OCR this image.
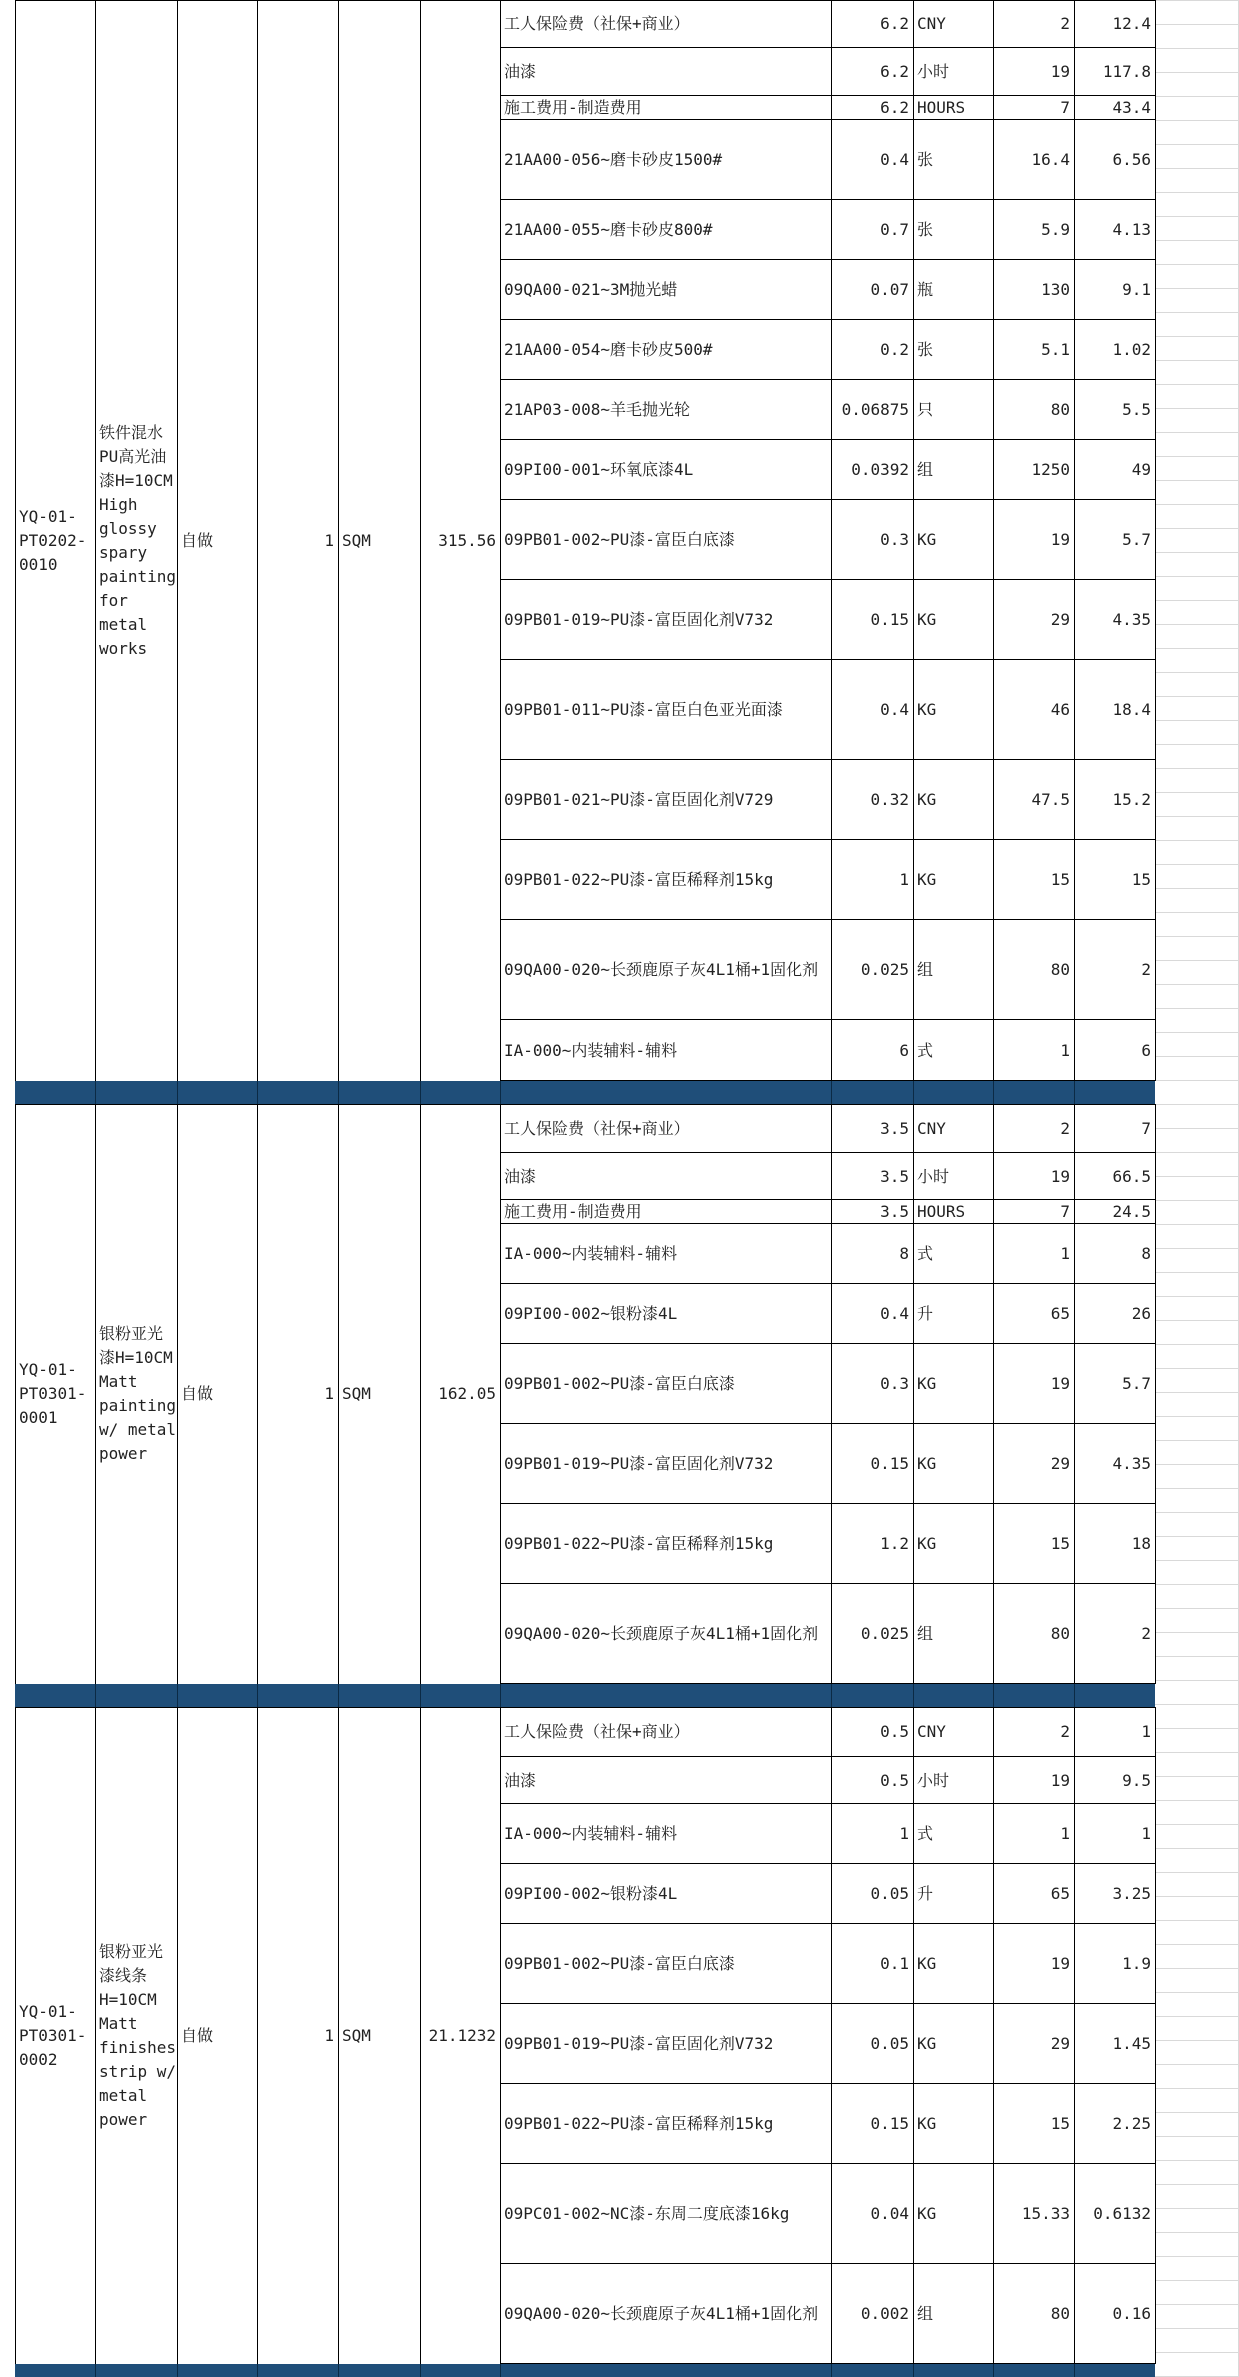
YQ-01-PT0202-0010
铁件混水PU高光油漆H=10CM High glossy spary painting for metal works
自做	1 SQM	315.56
工人保险费（社保+商业）	6.2 CNY	2	12.4
油漆	6.2 小时	19	117.8
施工费用-制造费用	6.2 HOURS	7	43.4
21AA00-056~磨卡砂皮1500#	0.4 张	16.4	6.56
21AA00-055~磨卡砂皮800#	0.7 张	5.9	4.13
09QA00-021~3M抛光蜡	0.07 瓶	130	9.1
21AA00-054~磨卡砂皮500#	0.2 张	5.1	1.02
21AP03-008~羊毛抛光轮	0.06875 只	80	5.5
09PI00-001~环氧底漆4L	0.0392 组	1250	49
09PB01-002~PU漆-富臣白底漆	0.3 KG	19	5.7
09PB01-019~PU漆-富臣固化剂V732	0.15 KG	29	4.35
09PB01-011~PU漆-富臣白色亚光面漆	0.4 KG	46	18.4
09PB01-021~PU漆-富臣固化剂V729	0.32 KG	47.5	15.2
09PB01-022~PU漆-富臣稀释剂15kg	1 KG	15	15
09QA00-020~长颈鹿原子灰4L1桶+1固化剂	0.025 组	80	2
IA-000~内装辅料-辅料	6 式	1	6
YQ-01-PT0301-0001
银粉亚光漆H=10CM Matt painting w/ metal power
自做	1 SQM	162.05
工人保险费（社保+商业）	3.5 CNY	2	7
油漆	3.5 小时	19	66.5
施工费用-制造费用	3.5 HOURS	7	24.5
IA-000~内装辅料-辅料	8 式	1	8
09PI00-002~银粉漆4L	0.4 升	65	26
09PB01-002~PU漆-富臣白底漆	0.3 KG	19	5.7
09PB01-019~PU漆-富臣固化剂V732	0.15 KG	29	4.35
09PB01-022~PU漆-富臣稀释剂15kg	1.2 KG	15	18
09QA00-020~长颈鹿原子灰4L1桶+1固化剂	0.025 组	80	2
YQ-01-PT0301-0002
银粉亚光漆线条H=10CM Matt finishes strip w/ metal power
自做	1 SQM	21.1232
工人保险费（社保+商业）	0.5 CNY	2	1
油漆	0.5 小时	19	9.5
IA-000~内装辅料-辅料	1 式	1	1
09PI00-002~银粉漆4L	0.05 升	65	3.25
09PB01-002~PU漆-富臣白底漆	0.1 KG	19	1.9
09PB01-019~PU漆-富臣固化剂V732	0.05 KG	29	1.45
09PB01-022~PU漆-富臣稀释剂15kg	0.15 KG	15	2.25
09PC01-002~NC漆-东周二度底漆16kg	0.04 KG	15.33	0.6132
09QA00-020~长颈鹿原子灰4L1桶+1固化剂	0.002 组	80	0.16
